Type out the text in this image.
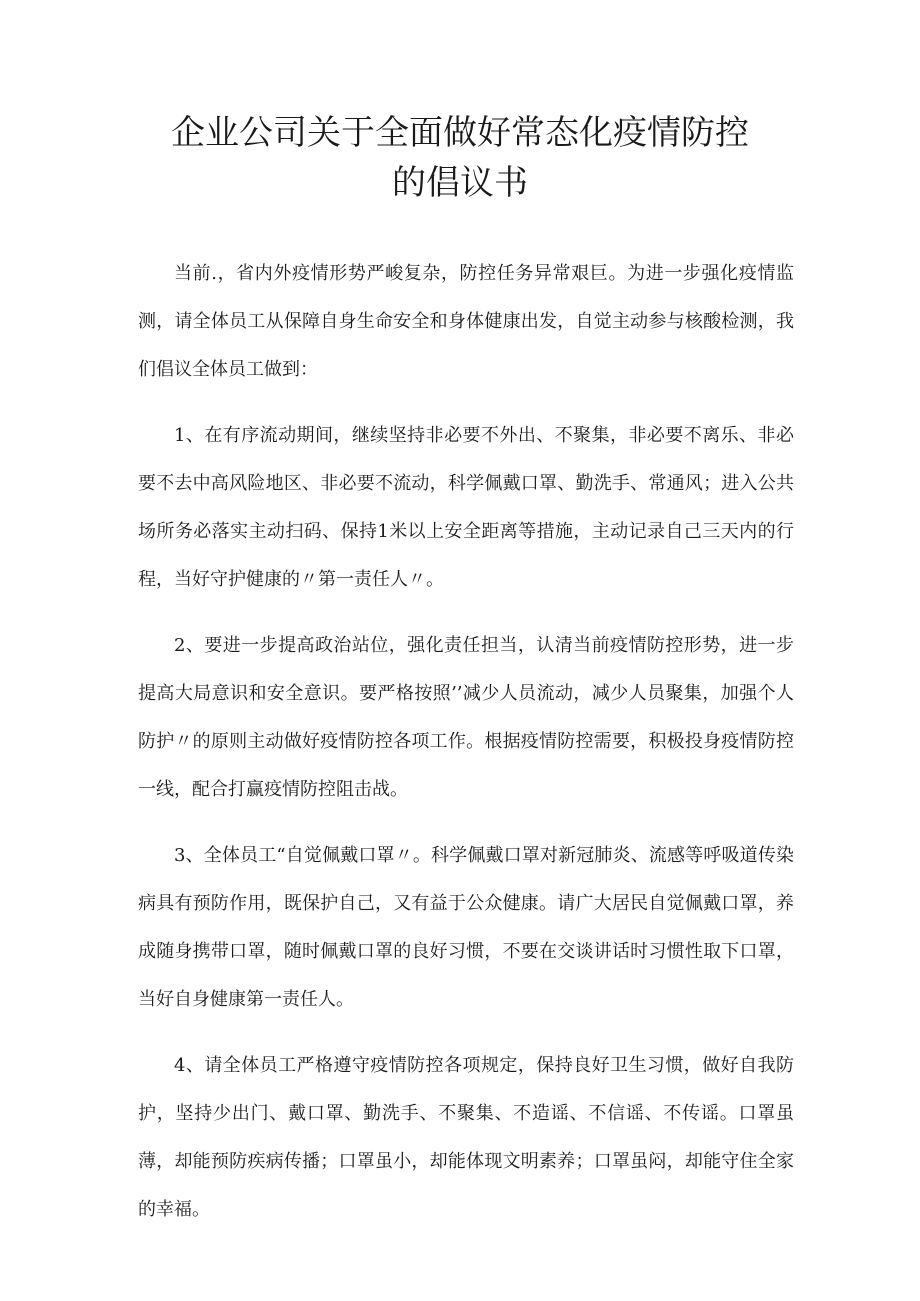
企业公司关于全面做好常态化疫情防控
的倡议书

当前.，省内外疫情形势严峻复杂，防控任务异常艰巨。为进一步强化疫情监测，请全体员工从保障自身生命安全和身体健康出发，自觉主动参与核酸检测，我们倡议全体员工做到：

1、在有序流动期间，继续坚持非必要不外出、不聚集，非必要不离乐、非必要不去中高风险地区、非必要不流动，科学佩戴口罩、勤洗手、常通风；进入公共场所务必落实主动扫码、保持1米以上安全距离等措施，主动记录自己三天内的行程，当好守护健康的〃第一责任人〃。

2、要进一步提高政治站位，强化责任担当，认清当前疫情防控形势，进一步提高大局意识和安全意识。要严格按照’’减少人员流动，减少人员聚集，加强个人防护〃的原则主动做好疫情防控各项工作。根据疫情防控需要，积极投身疫情防控一线，配合打赢疫情防控阻击战。

3、全体员工“自觉佩戴口罩〃。科学佩戴口罩对新冠肺炎、流感等呼吸道传染病具有预防作用，既保护自己，又有益于公众健康。请广大居民自觉佩戴口罩，养成随身携带口罩，随时佩戴口罩的良好习惯，不要在交谈讲话时习惯性取下口罩，当好自身健康第一责任人。

4、请全体员工严格遵守疫情防控各项规定，保持良好卫生习惯，做好自我防护，坚持少出门、戴口罩、勤洗手、不聚集、不造谣、不信谣、不传谣。口罩虽薄，却能预防疾病传播；口罩虽小，却能体现文明素养；口罩虽闷，却能守住全家的幸福。
